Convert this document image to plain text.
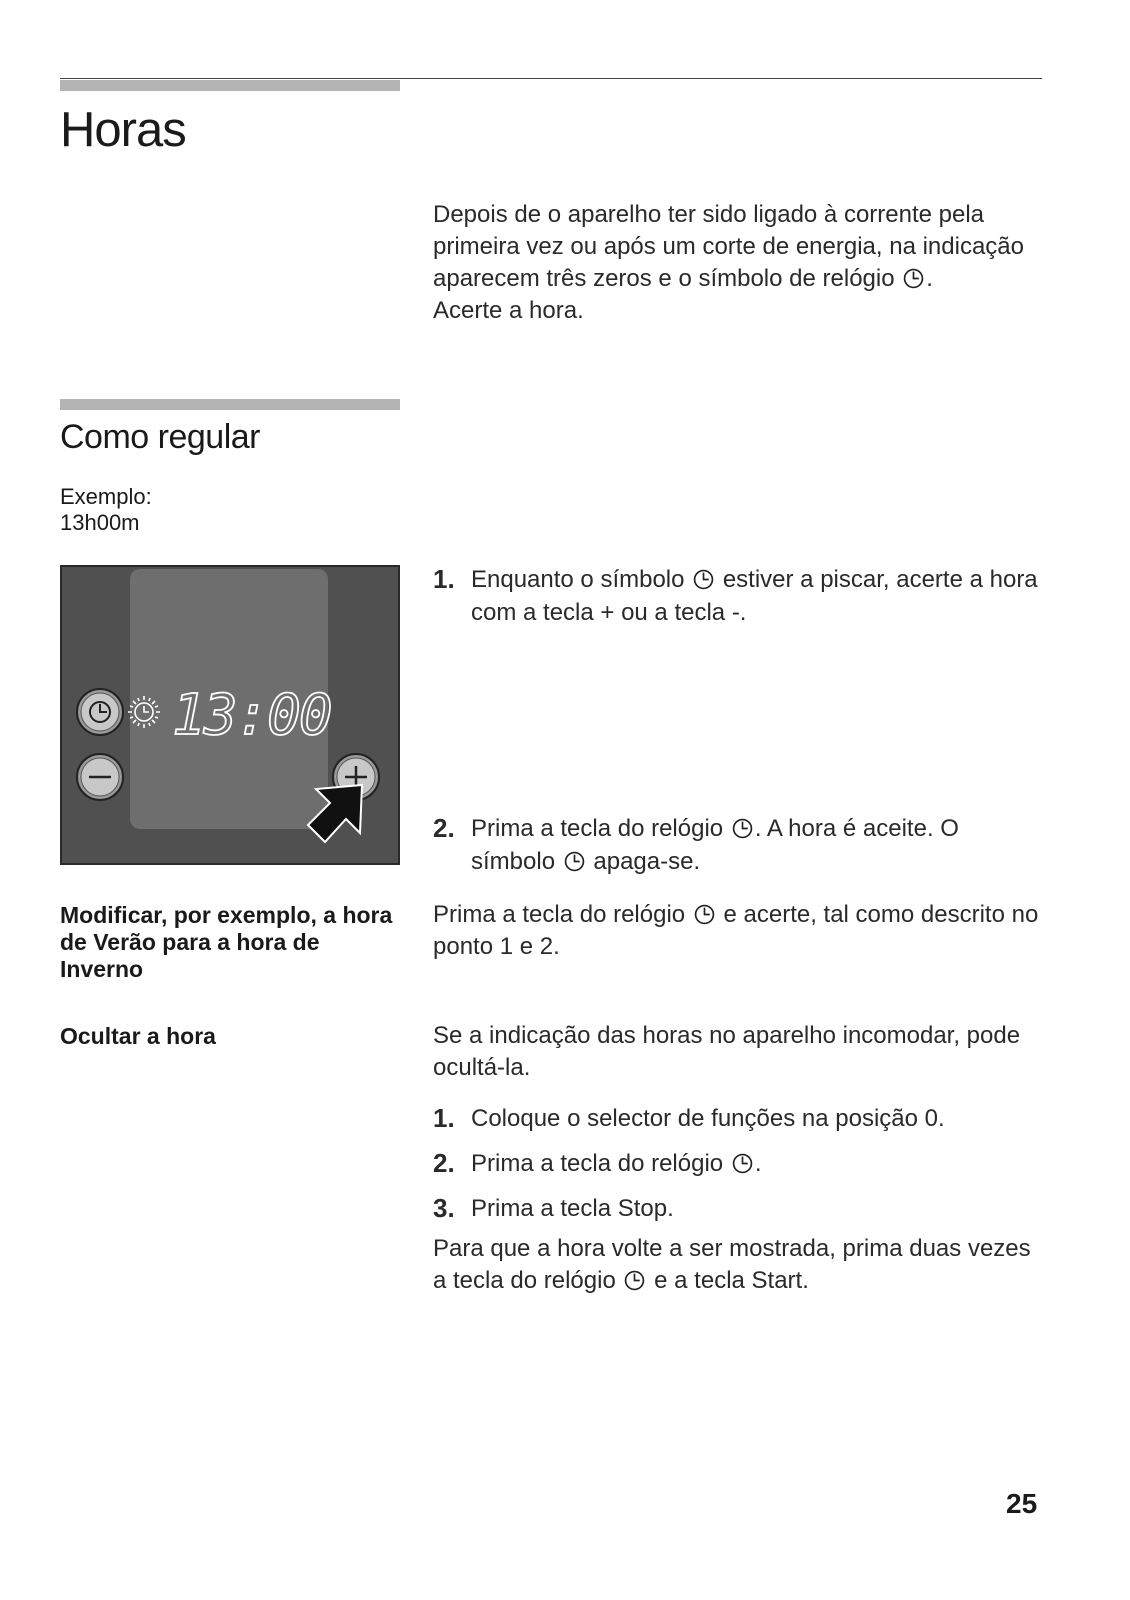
Horas
Depois de o aparelho ter sido ligado à corrente pela primeira vez ou após um corte de energia, na indicação aparecem três zeros e o símbolo de relógio .
Acerte a hora.
Como regular
Exemplo:
13h00m
13:00
1. Enquanto o símbolo estiver a piscar, acerte a hora com a tecla + ou a tecla -.
2. Prima a tecla do relógio . A hora é aceite. O símbolo apaga-se.
Modificar, por exemplo, a hora de Verão para a hora de Inverno
Prima a tecla do relógio e acerte, tal como descrito no ponto 1 e 2.
Ocultar a hora	Se a indicação das horas no aparelho incomodar, pode ocultá-la.
1. Coloque o selector de funções na posição 0.
2. Prima a tecla do relógio .
3. Prima a tecla Stop.
Para que a hora volte a ser mostrada, prima duas vezes a tecla do relógio e a tecla Start.
25
